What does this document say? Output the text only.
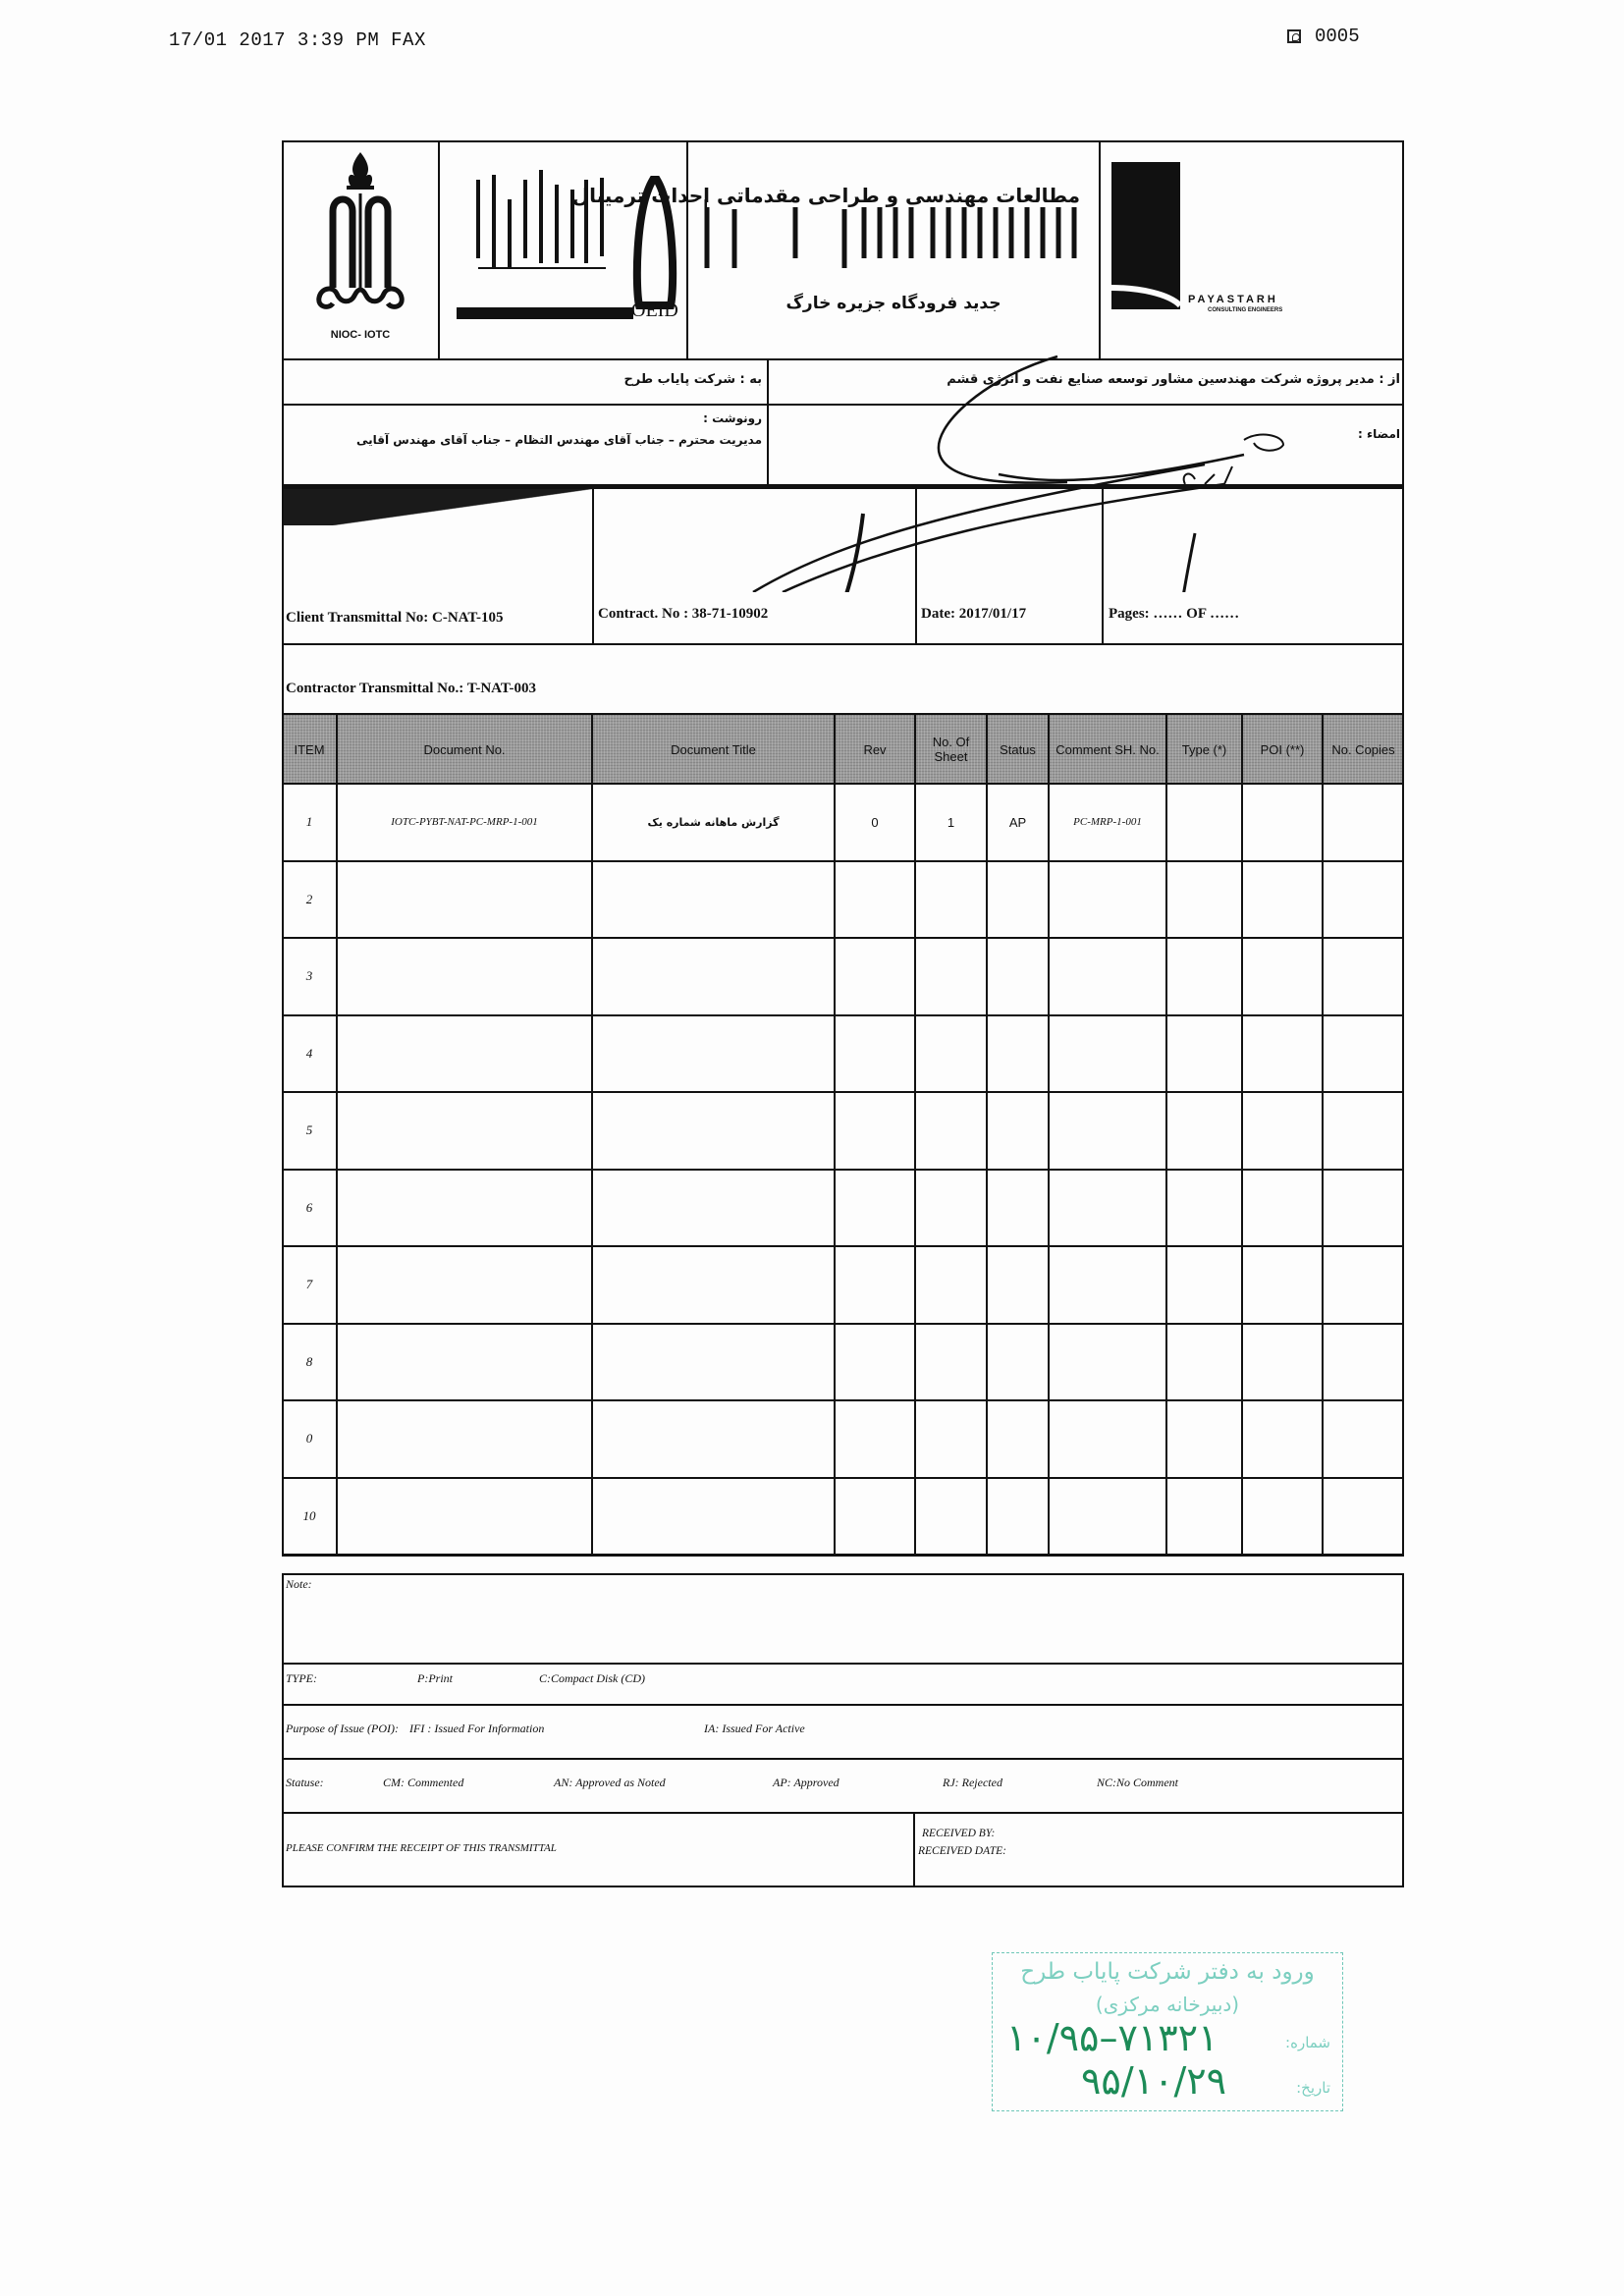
17/01 2017 3:39 PM FAX	0005
NIOC- IOTC
OEID
مطالعات مهندسی و طراحی مقدماتی احداث ترمینال
جدید فرودگاه جزیره خارگ	PAYASTARH
CONSULTING ENGINEERS
به : شرکت پایاب طرح	از : مدیر پروژه شرکت مهندسین مشاور توسعه صنایع نفت و انرژی قشم
رونوشت :
مدیریت محترم – جناب آقای مهندس التظام – جناب آقای مهندس آقایی	امضاء :
Client Transmittal No: C-NAT-105	Contract. No : 38-71-10902	Date: 2017/01/17	Pages: …… OF ……
Contractor Transmittal No.: T-NAT-003
ITEM	Document No.	Document Title	Rev	No. Of Sheet	Status	Comment SH. No.	Type (*)	POI (**)	No. Copies
1	IOTC-PYBT-NAT-PC-MRP-1-001	گزارش ماهانه شماره یک	0	1	AP	PC-MRP-1-001
2
3
4
5
6
7
8
0
10
Note:
TYPE:	P:Print	C:Compact Disk (CD)
Purpose of Issue (POI): IFI : Issued For Information	IA: Issued For Active
Statuse:	CM: Commented	AN: Approved as Noted	AP: Approved	RJ: Rejected	NC:No Comment
PLEASE CONFIRM THE RECEIPT OF THIS TRANSMITTAL
RECEIVED BY:
RECEIVED DATE:
ورود به دفتر شرکت پایاب طرح
(دبیرخانه مرکزی)
شماره:
تاریخ:
۱۰/۹۵–۷۱۳۲۱
۹۵/۱۰/۲۹
